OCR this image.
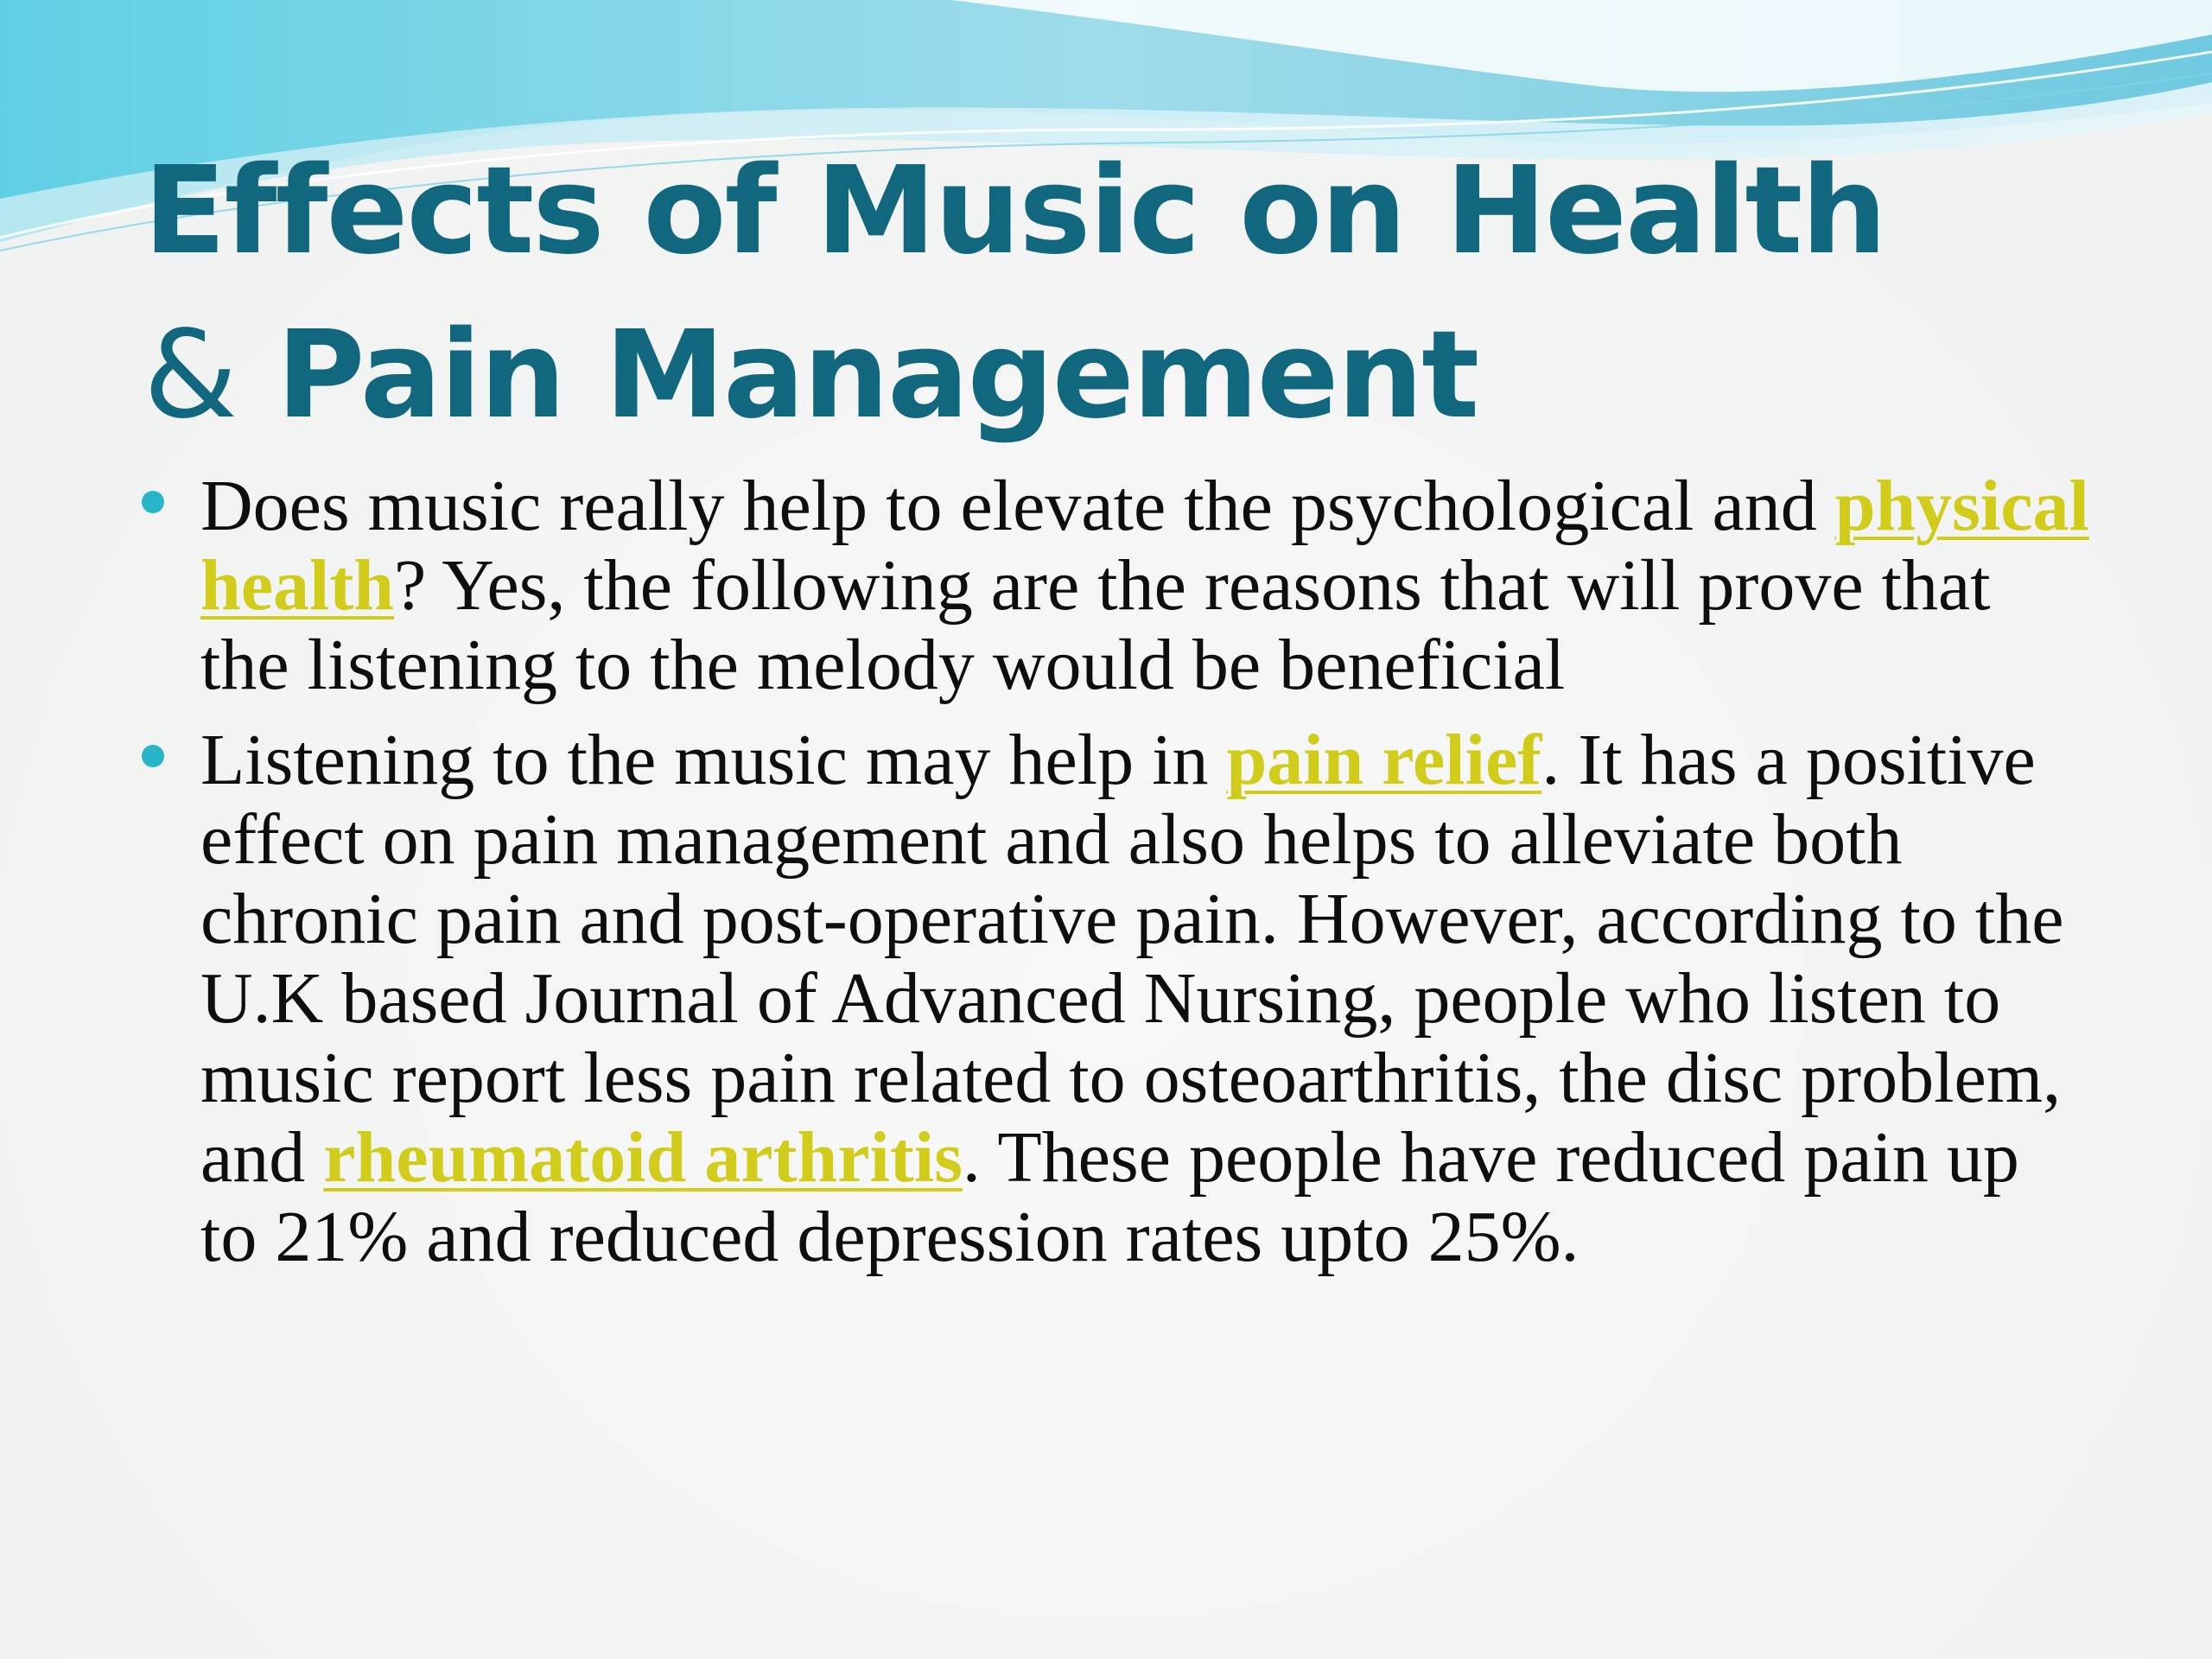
Effects of Music on Health
& Pain Management
Does music really help to elevate the psychological and physical health? Yes, the following are the reasons that will prove that the listening to the melody would be beneficial
Listening to the music may help in pain relief. It has a positive effect on pain management and also helps to alleviate both chronic pain and post-operative pain. However, according to the U.K based Journal of Advanced Nursing, people who listen to music report less pain related to osteoarthritis, the disc problem, and rheumatoid arthritis. These people have reduced pain up to 21% and reduced depression rates upto 25%.
